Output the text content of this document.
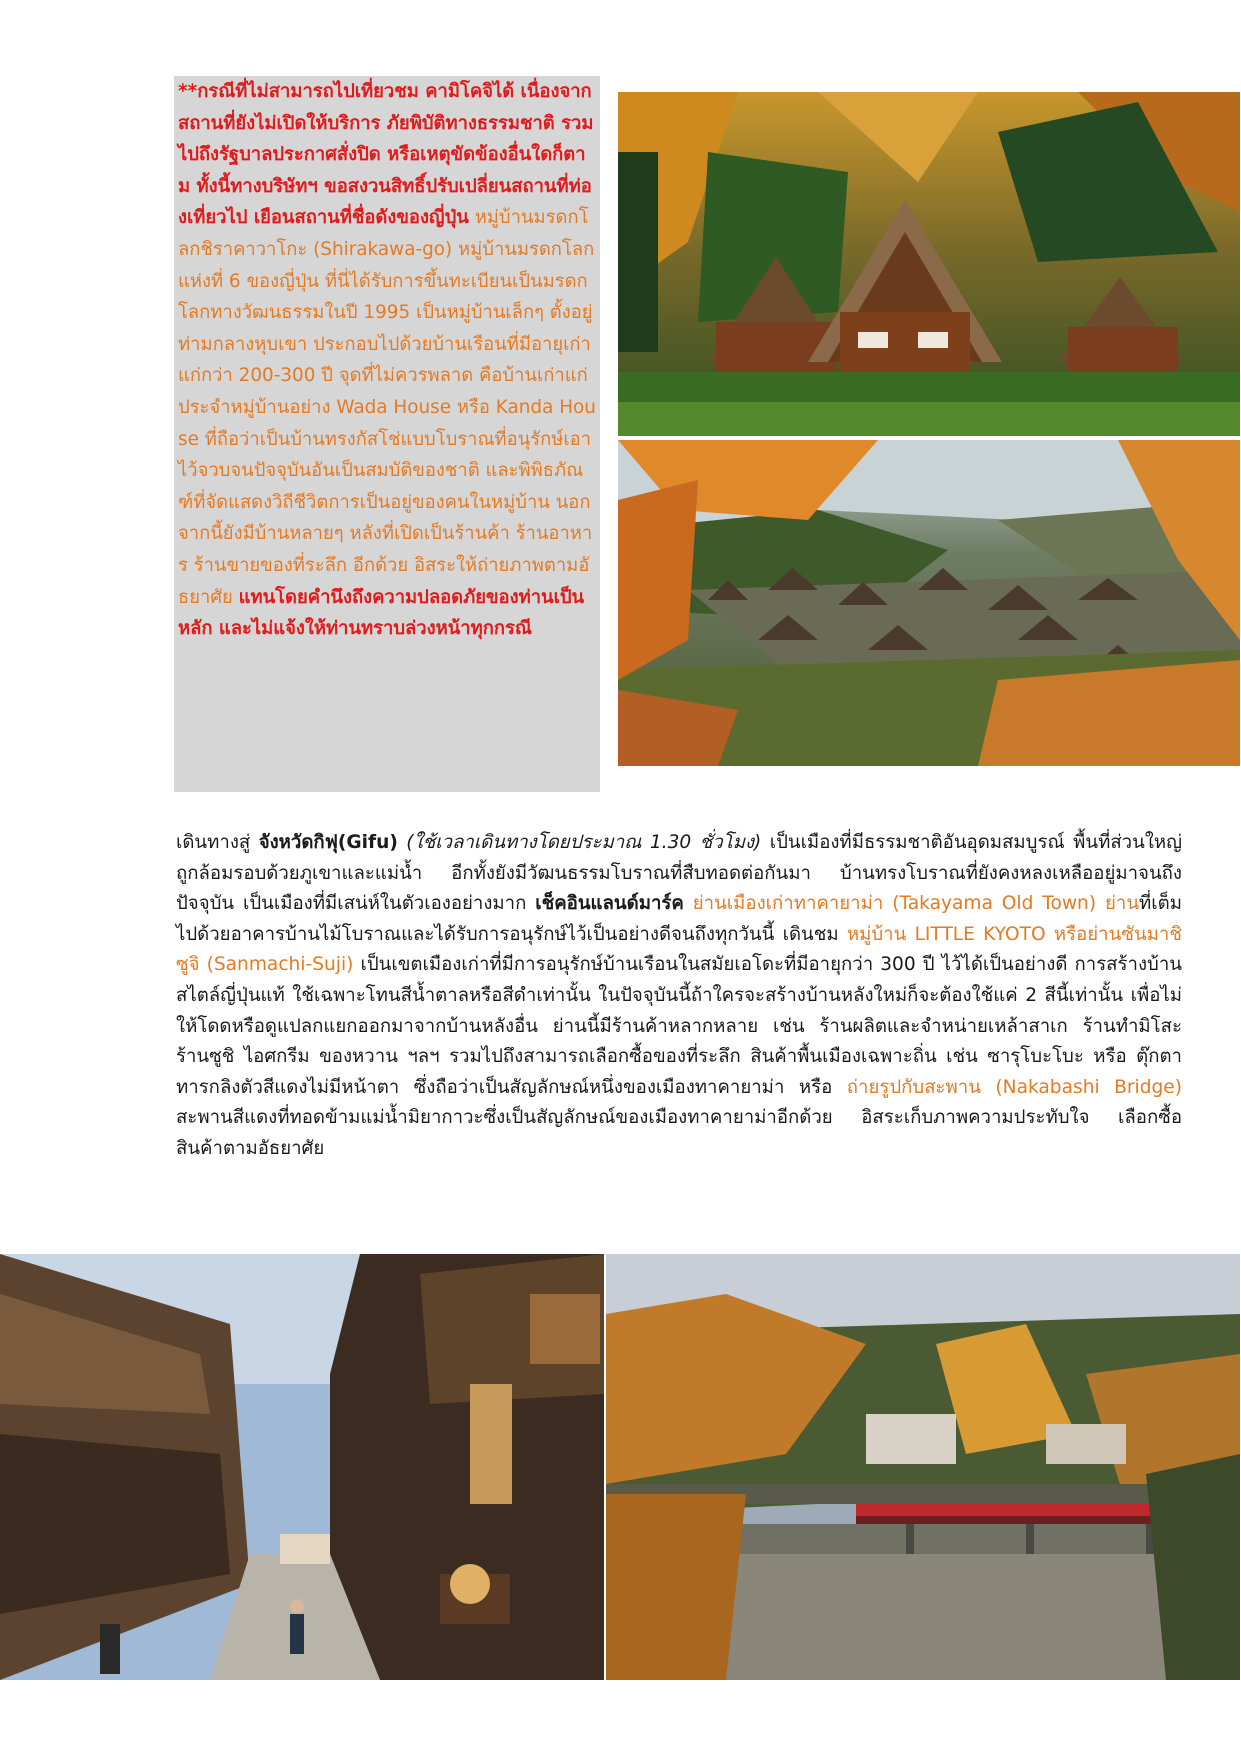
**กรณีที่ไม่สามารถไปเที่ยวชม คามิโคจิได้ เนื่องจาก สถานที่ยังไม่เปิดให้บริการ ภัยพิบัติทางธรรมชาติ รวมไปถึงรัฐบาลประกาศสั่งปิด หรือเหตุขัดข้องอื่นใดก็ตาม ทั้งนี้ทางบริษัทฯ ขอสงวนสิทธิ์ปรับเปลี่ยนสถานที่ท่องเที่ยวไป เยือนสถานที่ชื่อดังของญี่ปุ่น หมู่บ้านมรดกโลกชิราคาวาโกะ (Shirakawa-go) หมู่บ้านมรดกโลกแห่งที่ 6 ของญี่ปุ่น ที่นี่ได้รับการขึ้นทะเบียนเป็นมรดกโลกทางวัฒนธรรมในปี 1995 เป็นหมู่บ้านเล็กๆ ตั้งอยู่ท่ามกลางหุบเขา ประกอบไปด้วยบ้านเรือนที่มีอายุเก่าแก่กว่า 200-300 ปี จุดที่ไม่ควรพลาด คือบ้านเก่าแก่ประจำหมู่บ้านอย่าง Wada House หรือ Kanda House ที่ถือว่าเป็นบ้านทรงกัสโช่แบบโบราณที่อนุรักษ์เอาไว้จวบจนปัจจุบันอันเป็นสมบัติของชาติ และพิพิธภัณฑ์ที่จัดแสดงวิถีชีวิตการเป็นอยู่ของคนในหมู่บ้าน นอกจากนี้ยังมีบ้านหลายๆ หลังที่เปิดเป็นร้านค้า ร้านอาหาร ร้านขายของที่ระลึก อีกด้วย อิสระให้ถ่ายภาพตามอัธยาศัย แทนโดยคำนึงถึงความปลอดภัยของท่านเป็นหลัก และไม่แจ้งให้ท่านทราบล่วงหน้าทุกกรณี

เดินทางสู่ จังหวัดกิฟุ(Gifu) (ใช้เวลาเดินทางโดยประมาณ 1.30 ชั่วโมง) เป็นเมืองที่มีธรรมชาติอันอุดมสมบูรณ์ พื้นที่ส่วนใหญ่ถูกล้อมรอบด้วยภูเขาและแม่น้ำ อีกทั้งยังมีวัฒนธรรมโบราณที่สืบทอดต่อกันมา บ้านทรงโบราณที่ยังคงหลงเหลืออยู่มาจนถึงปัจจุบัน เป็นเมืองที่มีเสน่ห์ในตัวเองอย่างมาก เช็คอินแลนด์มาร์ค ย่านเมืองเก่าทาคายาม่า (Takayama Old Town) ย่านที่เต็มไปด้วยอาคารบ้านไม้โบราณและได้รับการอนุรักษ์ไว้เป็นอย่างดีจนถึงทุกวันนี้ เดินชม หมู่บ้าน LITTLE KYOTO หรือย่านซันมาชิซูจิ (Sanmachi-Suji) เป็นเขตเมืองเก่าที่มีการอนุรักษ์บ้านเรือนในสมัยเอโดะที่มีอายุกว่า 300 ปี ไว้ได้เป็นอย่างดี การสร้างบ้านสไตล์ญี่ปุ่นแท้ ใช้เฉพาะโทนสีน้ำตาลหรือสีดำเท่านั้น ในปัจจุบันนี้ถ้าใครจะสร้างบ้านหลังใหม่ก็จะต้องใช้แค่ 2 สีนี้เท่านั้น เพื่อไม่ให้โดดหรือดูแปลกแยกออกมาจากบ้านหลังอื่น ย่านนี้มีร้านค้าหลากหลาย เช่น ร้านผลิตและจำหน่ายเหล้าสาเก ร้านทำมิโสะ ร้านซูชิ ไอศกรีม ของหวาน ฯลฯ รวมไปถึงสามารถเลือกซื้อของที่ระลึก สินค้าพื้นเมืองเฉพาะถิ่น เช่น ซารุโบะโบะ หรือ ตุ๊กตาทารกลิงตัวสีแดงไม่มีหน้าตา ซึ่งถือว่าเป็นสัญลักษณ์หนึ่งของเมืองทาคายาม่า หรือ ถ่ายรูปกับสะพาน (Nakabashi Bridge) สะพานสีแดงที่ทอดข้ามแม่น้ำมิยากาวะซึ่งเป็นสัญลักษณ์ของเมืองทาคายาม่าอีกด้วย อิสระเก็บภาพความประทับใจ เลือกซื้อสินค้าตามอัธยาศัย
